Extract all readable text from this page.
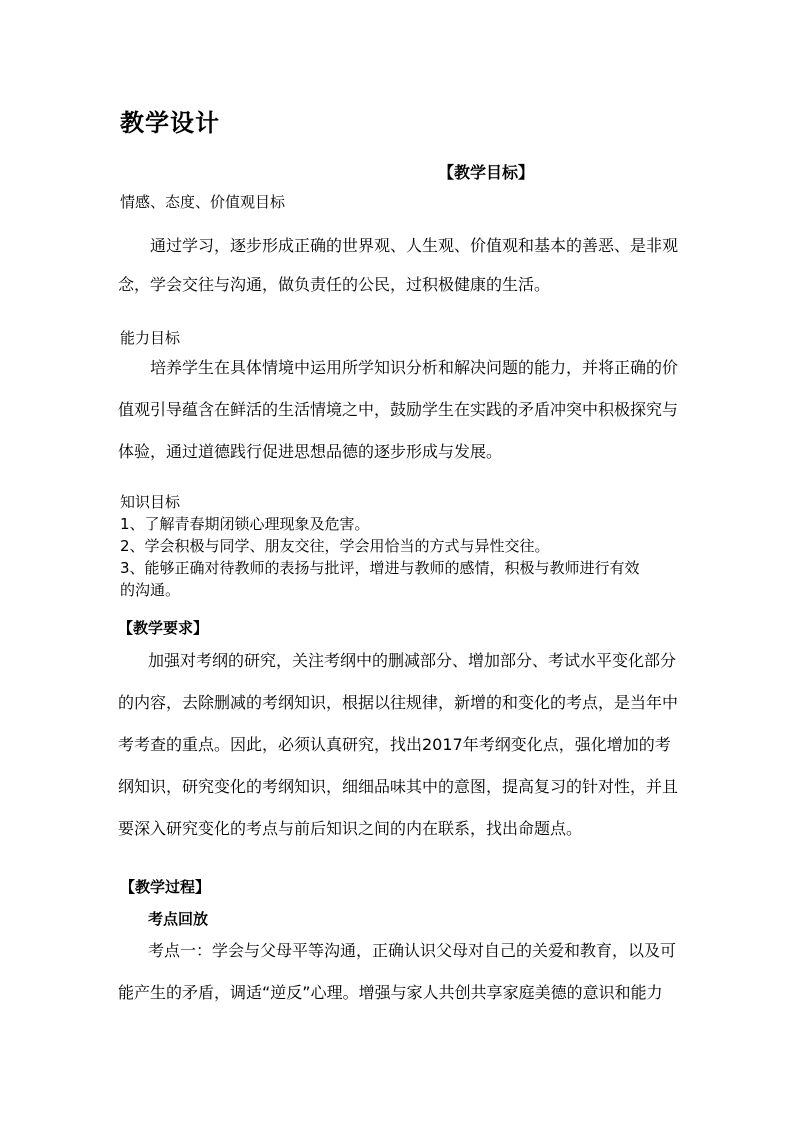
教学设计
【教学目标】
情感、态度、价值观目标
通过学习，逐步形成正确的世界观、人生观、价值观和基本的善恶、是非观
念，学会交往与沟通，做负责任的公民，过积极健康的生活。
能力目标
培养学生在具体情境中运用所学知识分析和解决问题的能力，并将正确的价
值观引导蕴含在鲜活的生活情境之中，鼓励学生在实践的矛盾冲突中积极探究与
体验，通过道德践行促进思想品德的逐步形成与发展。
知识目标
1、了解青春期闭锁心理现象及危害。
2、学会积极与同学、朋友交往，学会用恰当的方式与异性交往。
3、能够正确对待教师的表扬与批评，增进与教师的感情，积极与教师进行有效
的沟通。
【教学要求】
加强对考纲的研究，关注考纲中的删减部分、增加部分、考试水平变化部分
的内容，去除删减的考纲知识，根据以往规律，新增的和变化的考点，是当年中
考考查的重点。因此，必须认真研究，找出2017年考纲变化点，强化增加的考
纲知识，研究变化的考纲知识，细细品味其中的意图，提高复习的针对性，并且
要深入研究变化的考点与前后知识之间的内在联系，找出命题点。
【教学过程】
考点回放
考点一：学会与父母平等沟通，正确认识父母对自己的关爱和教育，以及可
能产生的矛盾，调适“逆反”心理。增强与家人共创共享家庭美德的意识和能力
